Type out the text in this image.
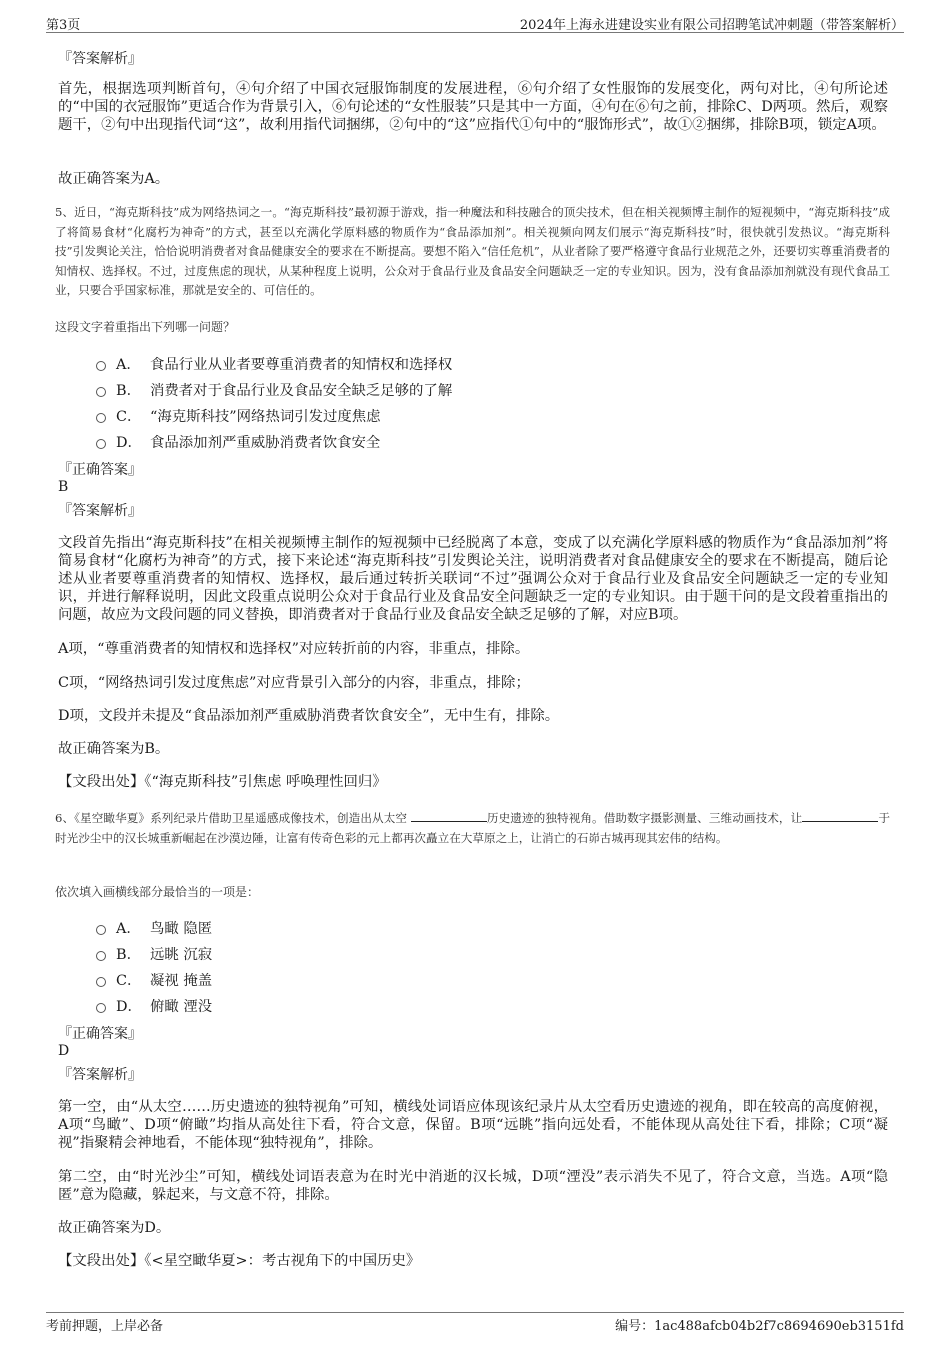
第3页	2024年上海永进建设实业有限公司招聘笔试冲刺题（带答案解析）
『答案解析』

首先，根据选项判断首句，④句介绍了中国衣冠服饰制度的发展进程，⑥句介绍了女性服饰的发展变化，两句对比，④句所论述的“中国的衣冠服饰”更适合作为背景引入，⑥句论述的“女性服装”只是其中一方面，④句在⑥句之前，排除C、D两项。然后，观察题干，②句中出现指代词“这”，故利用指代词捆绑，②句中的“这”应指代①句中的“服饰形式”，故①②捆绑，排除B项，锁定A项。

故正确答案为A。

5、近日，“海克斯科技”成为网络热词之一。“海克斯科技”最初源于游戏，指一种魔法和科技融合的顶尖技术，但在相关视频博主制作的短视频中，“海克斯科技”成了将简易食材“化腐朽为神奇”的方式，甚至以充满化学原料感的物质作为“食品添加剂”。相关视频向网友们展示“海克斯科技”时，很快就引发热议。“海克斯科技”引发舆论关注，恰恰说明消费者对食品健康安全的要求在不断提高。要想不陷入“信任危机”，从业者除了要严格遵守食品行业规范之外，还要切实尊重消费者的知情权、选择权。不过，过度焦虑的现状，从某种程度上说明，公众对于食品行业及食品安全问题缺乏一定的专业知识。因为，没有食品添加剂就没有现代食品工业，只要合乎国家标准，那就是安全的、可信任的。

这段文字着重指出下列哪一问题？
A． 食品行业从业者要尊重消费者的知情权和选择权
B． 消费者对于食品行业及食品安全缺乏足够的了解
C． “海克斯科技”网络热词引发过度焦虑
D． 食品添加剂严重威胁消费者饮食安全
『正确答案』
B
『答案解析』

文段首先指出“海克斯科技”在相关视频博主制作的短视频中已经脱离了本意，变成了以充满化学原料感的物质作为“食品添加剂”将简易食材“化腐朽为神奇”的方式，接下来论述“海克斯科技”引发舆论关注，说明消费者对食品健康安全的要求在不断提高，随后论述从业者要尊重消费者的知情权、选择权，最后通过转折关联词“不过”强调公众对于食品行业及食品安全问题缺乏一定的专业知识，并进行解释说明，因此文段重点说明公众对于食品行业及食品安全问题缺乏一定的专业知识。由于题干问的是文段着重指出的问题，故应为文段问题的同义替换，即消费者对于食品行业及食品安全缺乏足够的了解，对应B项。

A项，“尊重消费者的知情权和选择权”对应转折前的内容，非重点，排除。

C项，“网络热词引发过度焦虑”对应背景引入部分的内容，非重点，排除；

D项，文段并未提及“食品添加剂严重威胁消费者饮食安全”，无中生有，排除。

故正确答案为B。

【文段出处】《“海克斯科技”引焦虑 呼唤理性回归》

6、《星空瞰华夏》系列纪录片借助卫星遥感成像技术，创造出从太空	历史遗迹的独特视角。借助数字摄影测量、三维动画技术，让	于时光沙尘中的汉长城重新崛起在沙漠边陲，让富有传奇色彩的元上都再次矗立在大草原之上，让消亡的石峁古城再现其宏伟的结构。

依次填入画横线部分最恰当的一项是：
A． 鸟瞰 隐匿
B． 远眺 沉寂
C． 凝视 掩盖
D． 俯瞰 湮没
『正确答案』
D
『答案解析』

第一空，由“从太空……历史遗迹的独特视角”可知，横线处词语应体现该纪录片从太空看历史遗迹的视角，即在较高的高度俯视，A项“鸟瞰”、D项“俯瞰”均指从高处往下看，符合文意，保留。B项“远眺”指向远处看，不能体现从高处往下看，排除；C项“凝视”指聚精会神地看，不能体现“独特视角”，排除。

第二空，由“时光沙尘”可知，横线处词语表意为在时光中消逝的汉长城，D项“湮没”表示消失不见了，符合文意，当选。A项“隐匿”意为隐藏，躲起来，与文意不符，排除。

故正确答案为D。

【文段出处】《<星空瞰华夏>：考古视角下的中国历史》

考前押题，上岸必备	编号：1ac488afcb04b2f7c8694690eb3151fd
